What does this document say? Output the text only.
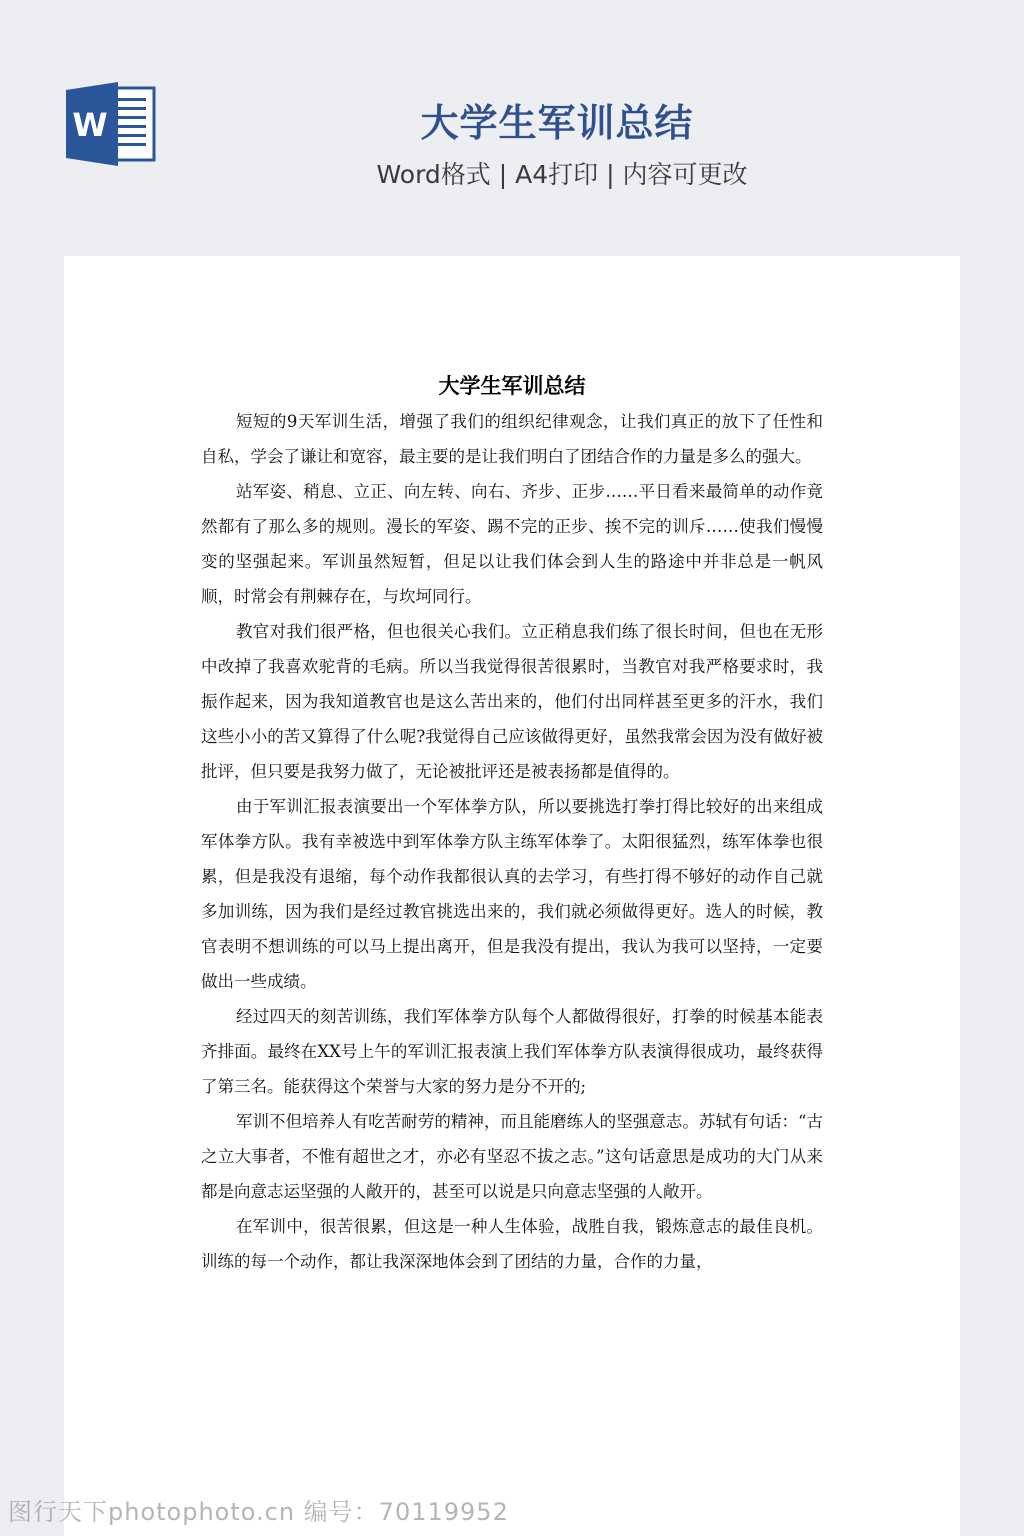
W	大学生军训总结
Word格式 | A4打印 | 内容可更改
大学生军训总结

短短的9天军训生活，增强了我们的组织纪律观念，让我们真正的放下了任性和自私，学会了谦让和宽容，最主要的是让我们明白了团结合作的力量是多么的强大。

站军姿、稍息、立正、向左转、向右、齐步、正步……平日看来最简单的动作竟然都有了那么多的规则。漫长的军姿、踢不完的正步、挨不完的训斥……使我们慢慢变的坚强起来。军训虽然短暂，但足以让我们体会到人生的路途中并非总是一帆风顺，时常会有荆棘存在，与坎坷同行。

教官对我们很严格，但也很关心我们。立正稍息我们练了很长时间，但也在无形中改掉了我喜欢驼背的毛病。所以当我觉得很苦很累时，当教官对我严格要求时，我振作起来，因为我知道教官也是这么苦出来的，他们付出同样甚至更多的汗水，我们这些小小的苦又算得了什么呢?我觉得自己应该做得更好，虽然我常会因为没有做好被批评，但只要是我努力做了，无论被批评还是被表扬都是值得的。

由于军训汇报表演要出一个军体拳方队，所以要挑选打拳打得比较好的出来组成军体拳方队。我有幸被选中到军体拳方队主练军体拳了。太阳很猛烈，练军体拳也很累，但是我没有退缩，每个动作我都很认真的去学习，有些打得不够好的动作自己就多加训练，因为我们是经过教官挑选出来的，我们就必须做得更好。选人的时候，教官表明不想训练的可以马上提出离开，但是我没有提出，我认为我可以坚持，一定要做出一些成绩。

经过四天的刻苦训练，我们军体拳方队每个人都做得很好，打拳的时候基本能表齐排面。最终在XX号上午的军训汇报表演上我们军体拳方队表演得很成功，最终获得了第三名。能获得这个荣誉与大家的努力是分不开的;

军训不但培养人有吃苦耐劳的精神，而且能磨练人的坚强意志。苏轼有句话：“古之立大事者，不惟有超世之才，亦必有坚忍不拔之志。”这句话意思是成功的大门从来都是向意志运坚强的人敞开的，甚至可以说是只向意志坚强的人敞开。

在军训中，很苦很累，但这是一种人生体验，战胜自我，锻炼意志的最佳良机。训练的每一个动作，都让我深深地体会到了团结的力量，合作的力量，

图行天下photophoto.cn 编号：70119952
